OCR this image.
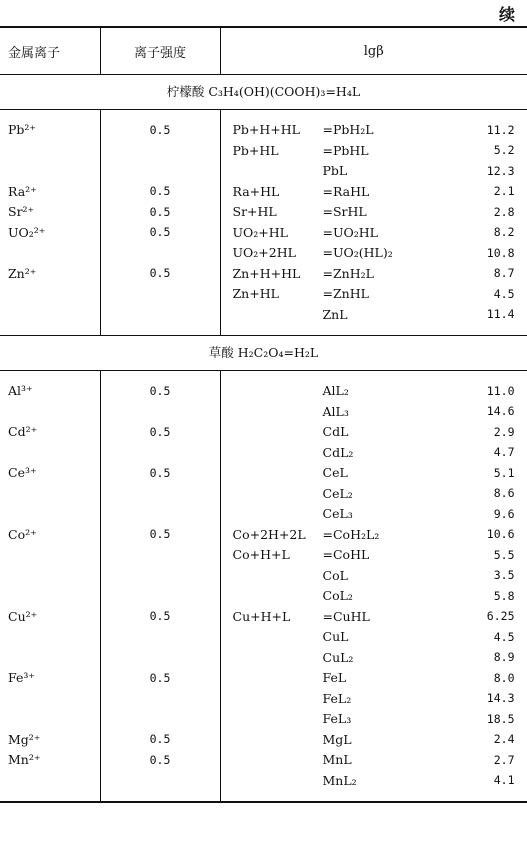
续
金属离子	离子强度	lgβ
柠檬酸 C₃H₄(OH)(COOH)₃=H₄L		

Pb²⁺	0.5	Pb+H+HL =PbH₂L 11.2

		Pb+HL =PbHL 5.2

		PbL 12.3

Ra²⁺	0.5	Ra+HL =RaHL 2.1

Sr²⁺	0.5	Sr+HL =SrHL 2.8

UO₂²⁺	0.5	UO₂+HL =UO₂HL 8.2

		UO₂+2HL =UO₂(HL)₂ 10.8

Zn²⁺	0.5	Zn+H+HL =ZnH₂L 8.7

		Zn+HL =ZnHL 4.5

		ZnL 11.4

草酸 H₂C₂O₄=H₂L		

Al³⁺	0.5	AlL₂ 11.0

		AlL₃ 14.6

Cd²⁺	0.5	CdL 2.9

		CdL₂ 4.7

Ce³⁺	0.5	CeL 5.1

		CeL₂ 8.6

		CeL₃ 9.6

Co²⁺	0.5	Co+2H+2L =CoH₂L₂ 10.6

		Co+H+L =CoHL 5.5

		CoL 3.5

		CoL₂ 5.8

Cu²⁺	0.5	Cu+H+L =CuHL 6.25

		CuL 4.5

		CuL₂ 8.9

Fe³⁺	0.5	FeL 8.0

		FeL₂ 14.3

		FeL₃ 18.5

Mg²⁺	0.5	MgL 2.4

Mn²⁺	0.5	MnL 2.7

		MnL₂ 4.1
